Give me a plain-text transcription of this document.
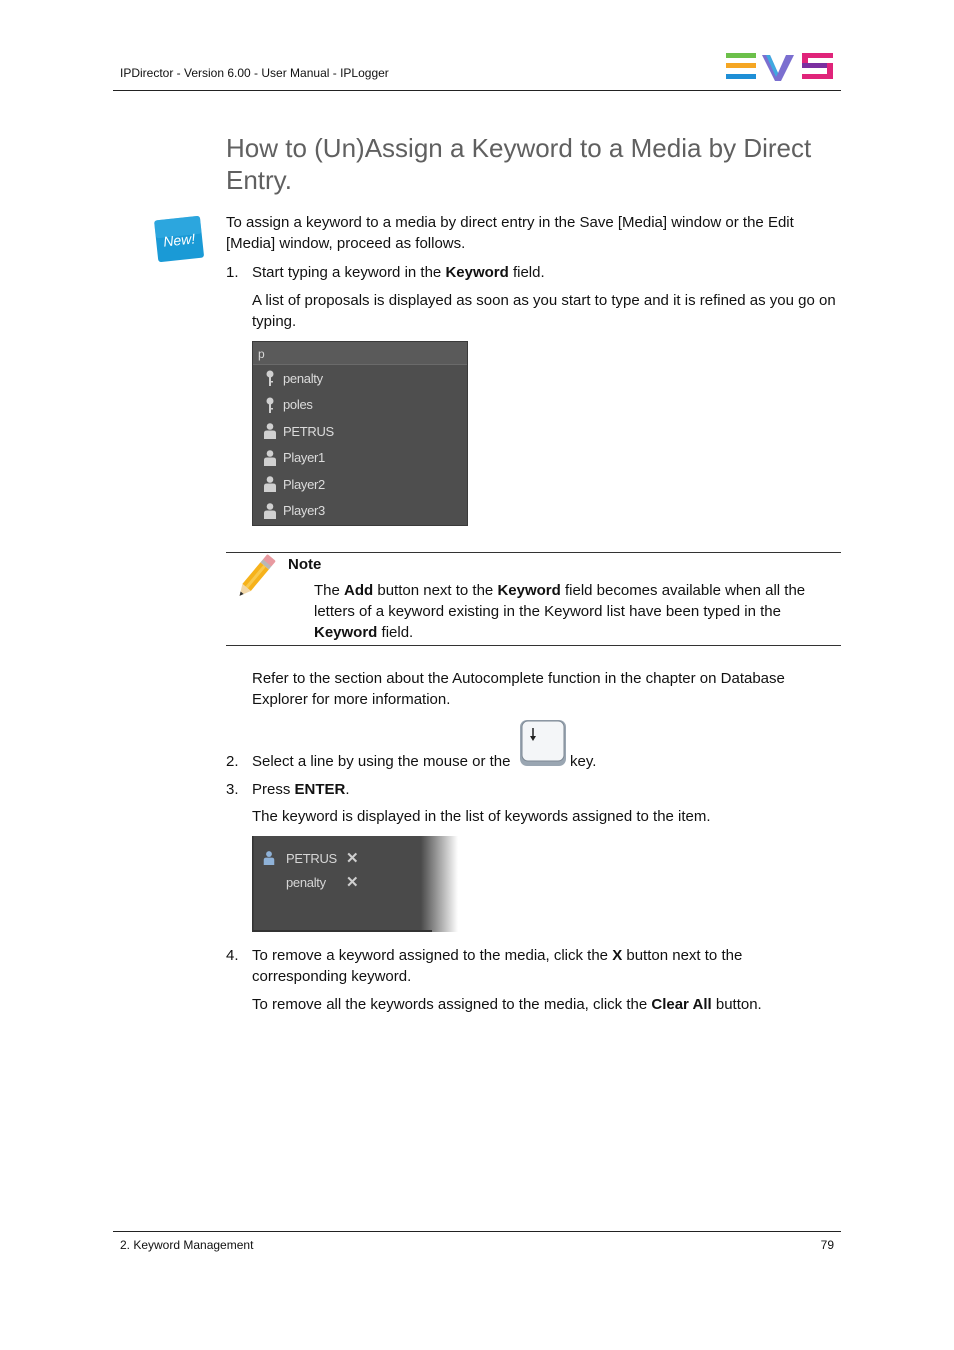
IPDirector - Version 6.00 - User Manual - IPLogger
How to (Un)Assign a Keyword to a Media by Direct Entry.
New!
To assign a keyword to a media by direct entry in the Save [Media] window or the Edit [Media] window, proceed as follows.
1. Start typing a keyword in the Keyword field.
A list of proposals is displayed as soon as you start to type and it is refined as you go on typing.
p
penalty
poles
PETRUS
Player1
Player2
Player3
Note
The Add button next to the Keyword field becomes available when all the letters of a keyword existing in the Keyword list have been typed in the Keyword field.
Refer to the section about the Autocomplete function in the chapter on Database Explorer for more information.
2. Select a line by using the mouse or the	key.
3. Press ENTER.
The keyword is displayed in the list of keywords assigned to the item.
PETRUS ✕
penalty	✕
4. To remove a keyword assigned to the media, click the X button next to the corresponding keyword.
To remove all the keywords assigned to the media, click the Clear All button.
2. Keyword Management	79
